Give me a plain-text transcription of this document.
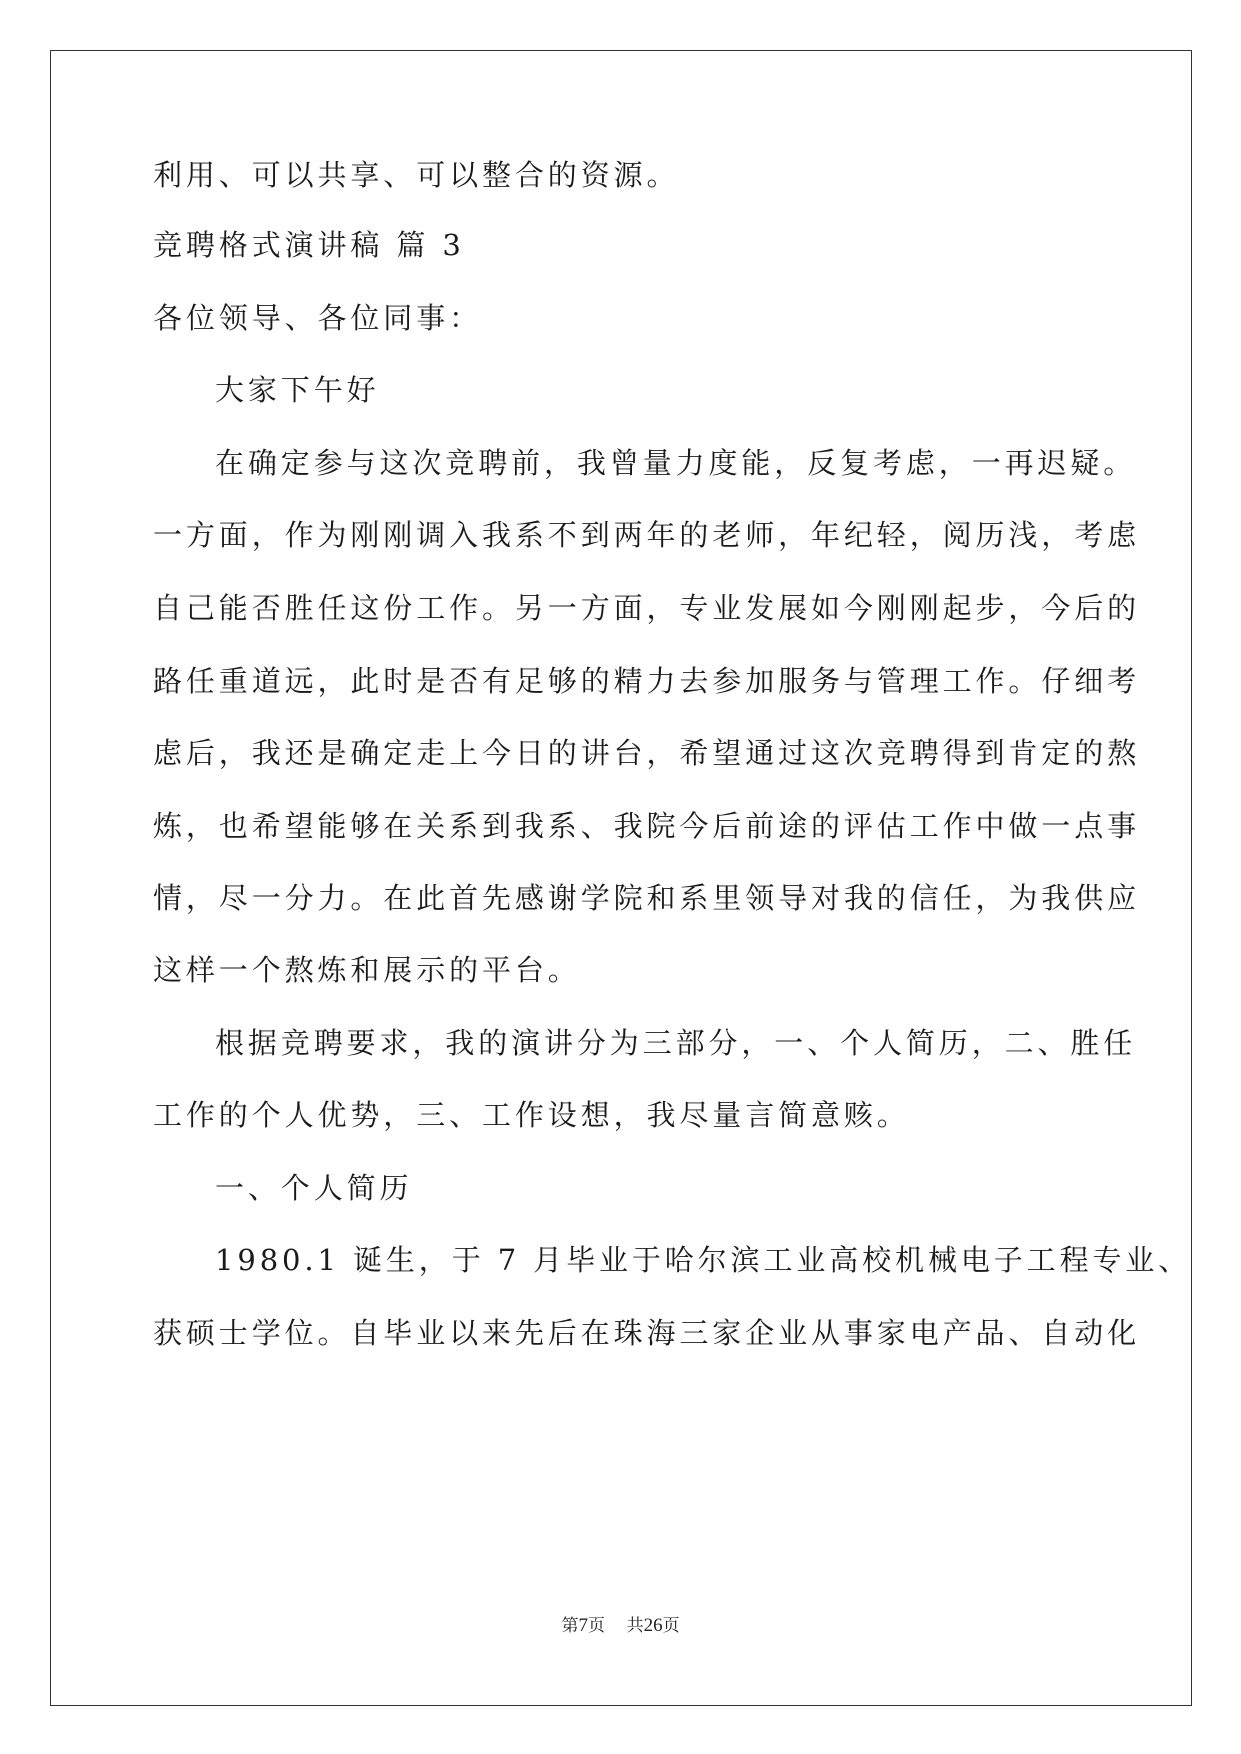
利用、可以共享、可以整合的资源。
竞聘格式演讲稿 篇 3
各位领导、各位同事：
大家下午好
在确定参与这次竞聘前，我曾量力度能，反复考虑，一再迟疑。
一方面，作为刚刚调入我系不到两年的老师，年纪轻，阅历浅，考虑
自己能否胜任这份工作。另一方面，专业发展如今刚刚起步，今后的
路任重道远，此时是否有足够的精力去参加服务与管理工作。仔细考
虑后，我还是确定走上今日的讲台，希望通过这次竞聘得到肯定的熬
炼，也希望能够在关系到我系、我院今后前途的评估工作中做一点事
情，尽一分力。在此首先感谢学院和系里领导对我的信任，为我供应
这样一个熬炼和展示的平台。
根据竞聘要求，我的演讲分为三部分，一、个人简历，二、胜任
工作的个人优势，三、工作设想，我尽量言简意赅。
一、个人简历
1980.1 诞生，于 7 月毕业于哈尔滨工业高校机械电子工程专业、
获硕士学位。自毕业以来先后在珠海三家企业从事家电产品、自动化
第7页 共26页
